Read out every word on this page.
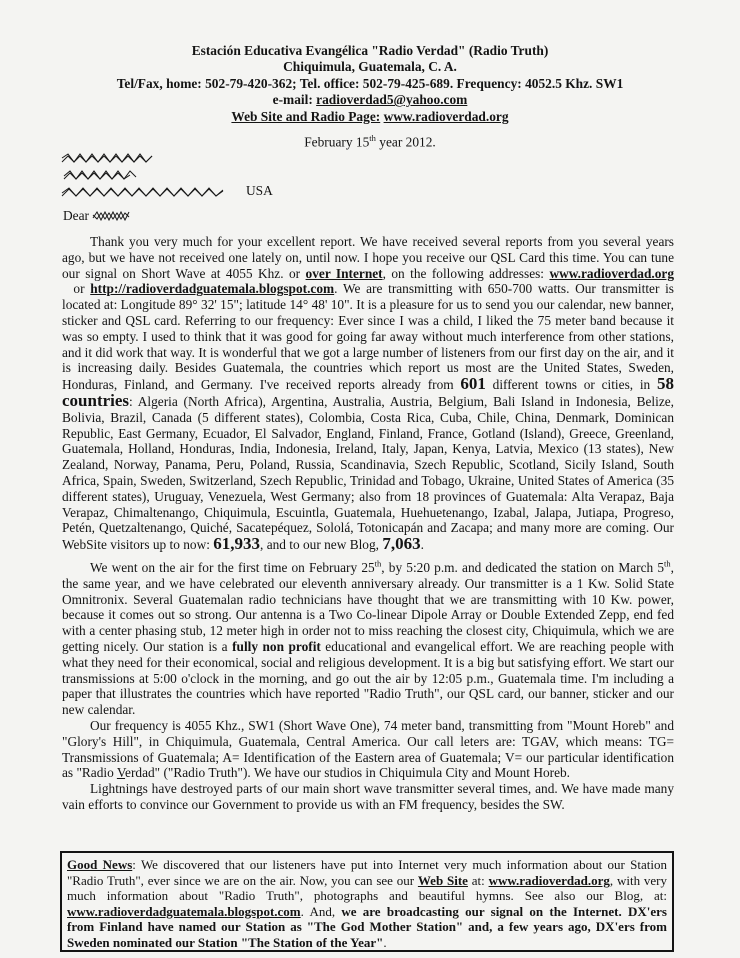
Estación Educativa Evangélica "Radio Verdad" (Radio Truth)
Chiquimula, Guatemala, C. A.
Tel/Fax, home: 502-79-420-362; Tel. office: 502-79-425-689. Frequency: 4052.5 Khz. SW1
e-mail: radioverdad5@yahoo.com
Web Site and Radio Page: www.radioverdad.org
February 15th year 2012.
USA
Dear

Thank you very much for your excellent report. We have received several reports from you several years ago, but we have not received one lately on, until now. I hope you receive our QSL Card this time. You can tune our signal on Short Wave at 4055 Khz. or over Internet, on the following addresses: www.radioverdad.org  or http://radioverdadguatemala.blogspot.com. We are transmitting with 650-700 watts. Our transmitter is located at: Longitude 89° 32' 15"; latitude 14° 48' 10". It is a pleasure for us to send you our calendar, new banner, sticker and QSL card. Referring to our frequency: Ever since I was a child, I liked the 75 meter band because it was so empty. I used to think that it was good for going far away without much interference from other stations, and it did work that way. It is wonderful that we got a large number of listeners from our first day on the air, and it is increasing daily. Besides Guatemala, the countries which report us most are the United States, Sweden, Honduras, Finland, and Germany. I've received reports already from 601 different towns or cities, in 58 countries: Algeria (North Africa), Argentina, Australia, Austria, Belgium, Bali Island in Indonesia, Belize, Bolivia, Brazil, Canada (5 different states), Colombia, Costa Rica, Cuba, Chile, China, Denmark, Dominican Republic, East Germany, Ecuador, El Salvador, England, Finland, France, Gotland (Island), Greece, Greenland, Guatemala, Holland, Honduras, India, Indonesia, Ireland, Italy, Japan, Kenya, Latvia, Mexico (13 states), New Zealand, Norway, Panama, Peru, Poland, Russia, Scandinavia, Szech Republic, Scotland, Sicily Island, South Africa, Spain, Sweden, Switzerland, Szech Republic, Trinidad and Tobago, Ukraine, United States of America (35 different states), Uruguay, Venezuela, West Germany; also from 18 provinces of Guatemala: Alta Verapaz, Baja Verapaz, Chimaltenango, Chiquimula, Escuintla, Guatemala, Huehuetenango, Izabal, Jalapa, Jutiapa, Progreso, Petén, Quetzaltenango, Quiché, Sacatepéquez, Sololá, Totonicapán and Zacapa; and many more are coming. Our WebSite visitors up to now: 61,933, and to our new Blog, 7,063.

We went on the air for the first time on February 25th, by 5:20 p.m. and dedicated the station on March 5th, the same year, and we have celebrated our eleventh anniversary already. Our transmitter is a 1 Kw. Solid State Omnitronix. Several Guatemalan radio technicians have thought that we are transmitting with 10 Kw. power, because it comes out so strong. Our antenna is a Two Co-linear Dipole Array or Double Extended Zepp, end fed with a center phasing stub, 12 meter high in order not to miss reaching the closest city, Chiquimula, which we are getting nicely. Our station is a fully non profit educational and evangelical effort. We are reaching people with what they need for their economical, social and religious development. It is a big but satisfying effort. We start our transmissions at 5:00 o'clock in the morning, and go out the air by 12:05 p.m., Guatemala time. I'm including a paper that illustrates the countries which have reported "Radio Truth", our QSL card, our banner, sticker and our new calendar.

Our frequency is 4055 Khz., SW1 (Short Wave One), 74 meter band, transmitting from "Mount Horeb" and "Glory's Hill", in Chiquimula, Guatemala, Central America. Our call leters are: TGAV, which means: TG= Transmissions of Guatemala; A= Identification of the Eastern area of Guatemala; V= our particular identification as "Radio Verdad" ("Radio Truth"). We have our studios in Chiquimula City and Mount Horeb.

Lightnings have destroyed parts of our main short wave transmitter several times, and. We have made many vain efforts to convince our Government to provide us with an FM frequency, besides the SW.

Good News: We discovered that our listeners have put into Internet very much information about our Station "Radio Truth", ever since we are on the air. Now, you can see our Web Site at: www.radioverdad.org, with very much information about "Radio Truth", photographs and beautiful hymns. See also our Blog, at: www.radioverdadguatemala.blogspot.com. And, we are broadcasting our signal on the Internet. DX'ers from Finland have named our Station as "The God Mother Station" and, a few years ago, DX'ers from Sweden nominated our Station "The Station of the Year".
